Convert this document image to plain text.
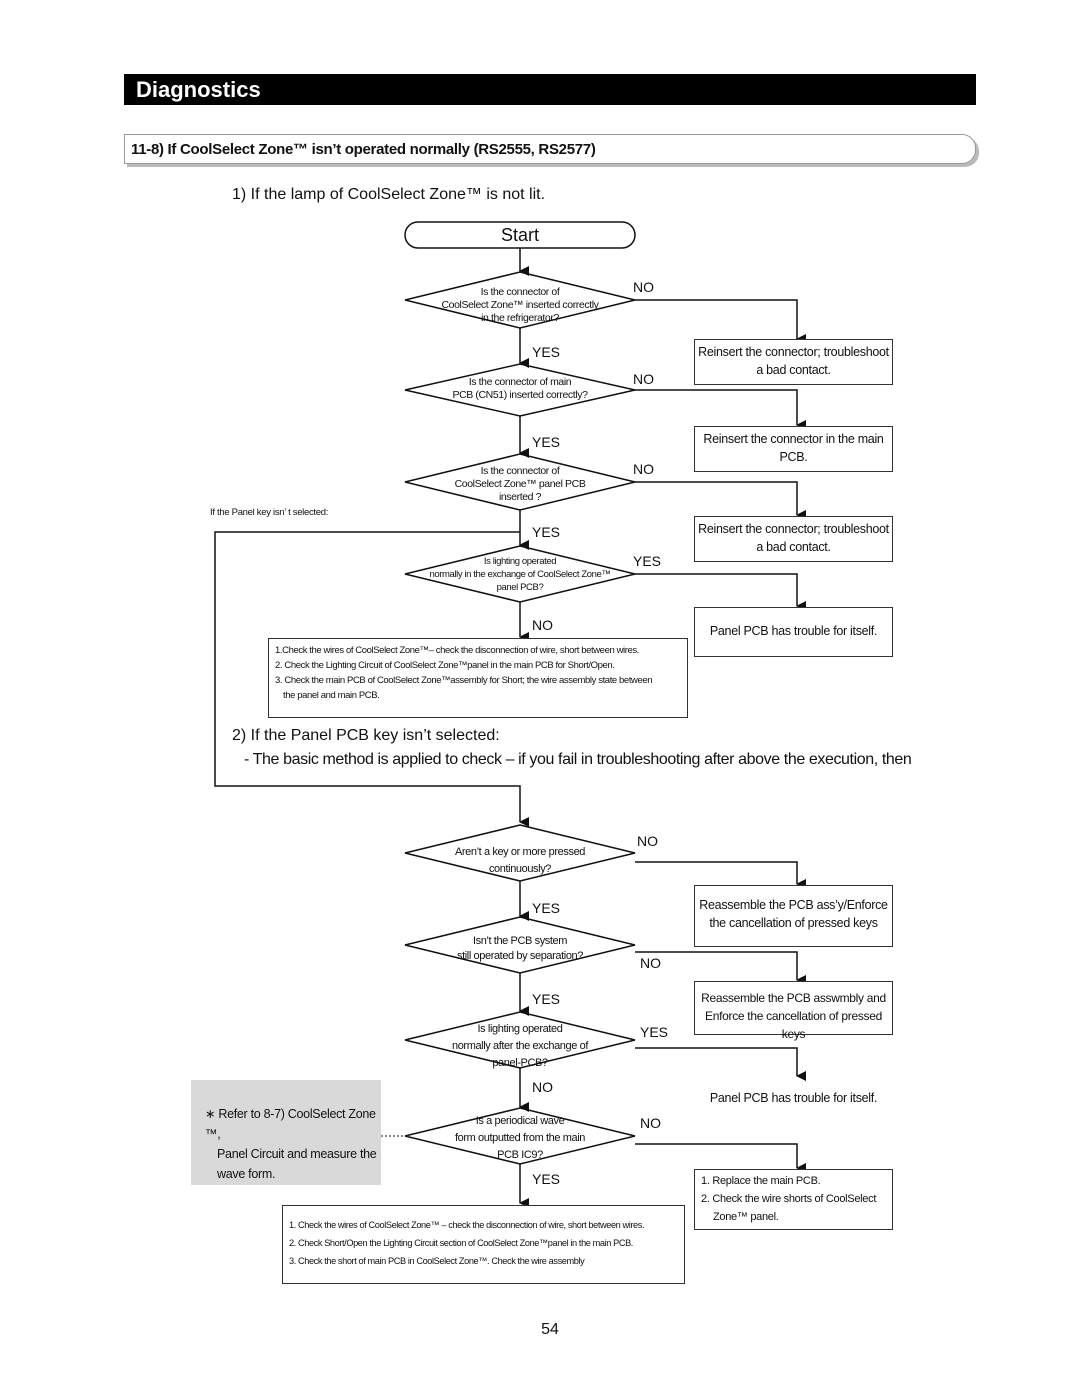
Diagnostics
11-8) If CoolSelect Zone™ isn’t operated normally (RS2555, RS2577)
1) If the lamp of CoolSelect Zone™ is not lit.
Start
Is the connector of
CoolSelect Zone™ inserted correctly
in the refrigerator?
Is the connector of main
PCB (CN51) inserted correctly?
Is the connector of
CoolSelect Zone™ panel PCB
inserted ?
Is lighting operated
normally in the exchange of CoolSelect Zone™
panel PCB?
NO
YES
NO
YES
NO
YES
YES
NO
Reinsert the connector; troubleshoot
a bad contact.
Reinsert the connector in the main
PCB.
Reinsert the connector; troubleshoot
a bad contact.
Panel PCB has trouble for itself.
If the Panel key isn’ t selected:
1.Check the wires of CoolSelect Zone™– check the disconnection of wire, short between wires.
2. Check the Lighting Circuit of CoolSelect Zone™panel in the main PCB for Short/Open.
3. Check the main PCB of CoolSelect Zone™assembly for Short; the wire assembly state between
the panel and main PCB.
2) If the Panel PCB key isn’t selected:
- The basic method is applied to check – if you fail in troubleshooting after above the execution, then
Aren’t a key or more pressed
continuously?
Isn’t the PCB system
still operated by separation?
Is lighting operated
normally after the exchange of
panel-PCB?
Is a periodical wave
form outputted from the main
PCB IC9?
NO
YES
NO
YES
YES
NO
NO
YES
Reassemble the PCB ass’y/Enforce
the cancellation of pressed keys
Reassemble the PCB asswmbly and
Enforce the cancellation of pressed keys
Panel PCB has trouble for itself.
1. Replace the main PCB.
2. Check the wire shorts of CoolSelect
Zone™ panel.
∗ Refer to 8-7) CoolSelect Zone ™,
Panel Circuit and measure the
wave form.
1. Check the wires of CoolSelect Zone™ – check the disconnection of wire, short between wires.
2. Check Short/Open the Lighting Circuit section of CoolSelect Zone™panel in the main PCB.
3. Check the short of main PCB in CoolSelect Zone™. Check the wire assembly
54
